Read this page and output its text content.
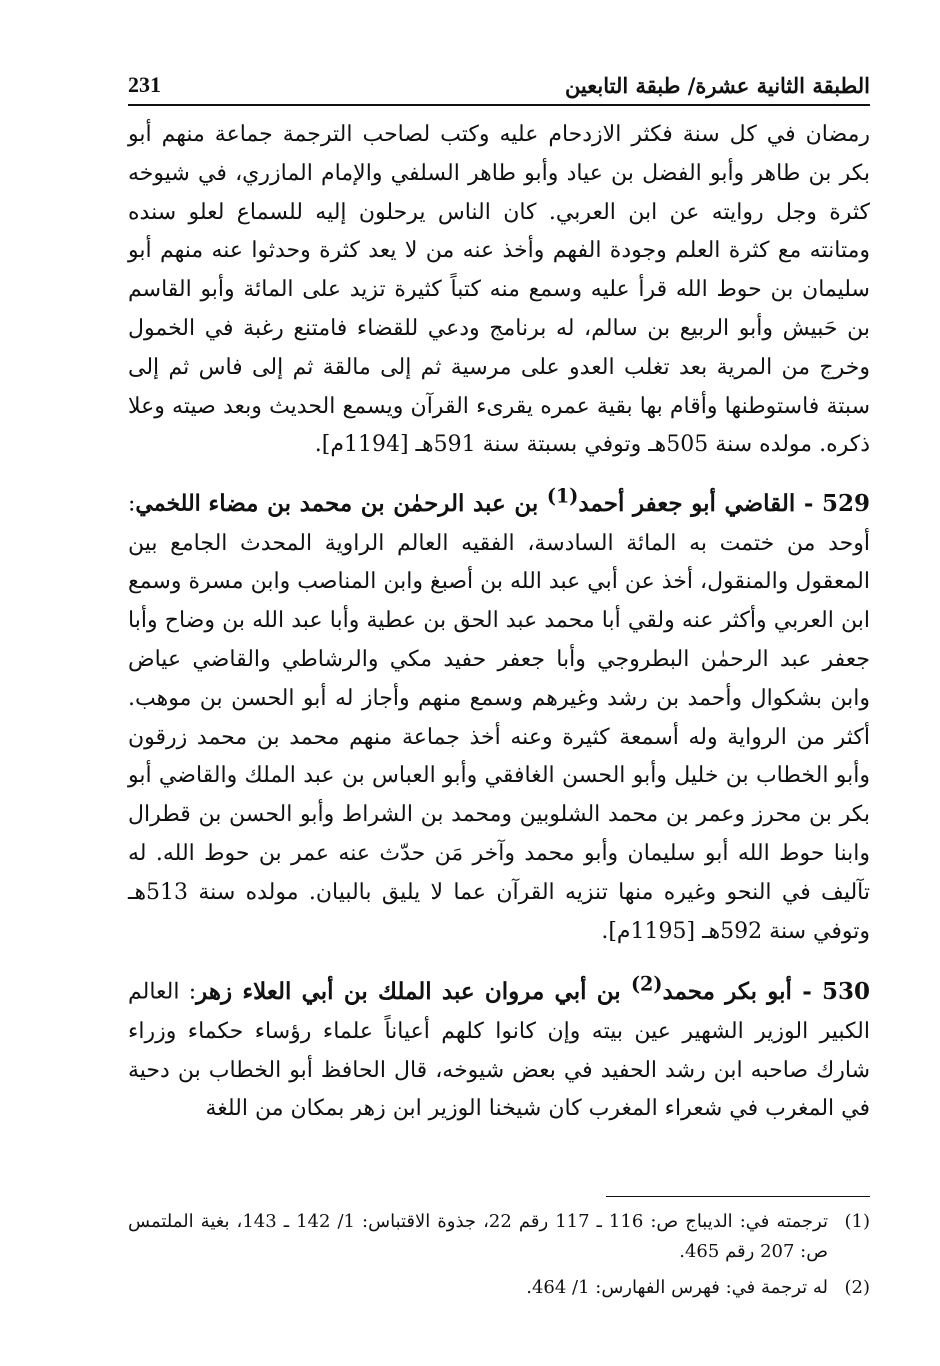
231	الطبقة الثانية عشرة/ طبقة التابعين

رمضان في كل سنة فكثر الازدحام عليه وكتب لصاحب الترجمة جماعة منهم أبو بكر بن طاهر وأبو الفضل بن عياد وأبو طاهر السلفي والإمام المازري، في شيوخه كثرة وجل روايته عن ابن العربي. كان الناس يرحلون إليه للسماع لعلو سنده ومتانته مع كثرة العلم وجودة الفهم وأخذ عنه من لا يعد كثرة وحدثوا عنه منهم أبو سليمان بن حوط الله قرأ عليه وسمع منه كتباً كثيرة تزيد على المائة وأبو القاسم بن حَبيش وأبو الربيع بن سالم، له برنامج ودعي للقضاء فامتنع رغبة في الخمول وخرج من المرية بعد تغلب العدو على مرسية ثم إلى مالقة ثم إلى فاس ثم إلى سبتة فاستوطنها وأقام بها بقية عمره يقرىء القرآن ويسمع الحديث وبعد صيته وعلا ذكره. مولده سنة 505هـ وتوفي بسبتة سنة 591هـ [1194م].

529 - القاضي أبو جعفر أحمد$^{(1)}$ بن عبد الرحمٰن بن محمد بن مضاء اللخمي: أوحد من ختمت به المائة السادسة، الفقيه العالم الراوية المحدث الجامع بين المعقول والمنقول، أخذ عن أبي عبد الله بن أصبغ وابن المناصب وابن مسرة وسمع ابن العربي وأكثر عنه ولقي أبا محمد عبد الحق بن عطية وأبا عبد الله بن وضاح وأبا جعفر عبد الرحمٰن البطروجي وأبا جعفر حفيد مكي والرشاطي والقاضي عياض وابن بشكوال وأحمد بن رشد وغيرهم وسمع منهم وأجاز له أبو الحسن بن موهب. أكثر من الرواية وله أسمعة كثيرة وعنه أخذ جماعة منهم محمد بن محمد زرقون وأبو الخطاب بن خليل وأبو الحسن الغافقي وأبو العباس بن عبد الملك والقاضي أبو بكر بن محرز وعمر بن محمد الشلوبين ومحمد بن الشراط وأبو الحسن بن قطرال وابنا حوط الله أبو سليمان وأبو محمد وآخر مَن حدّث عنه عمر بن حوط الله. له تآليف في النحو وغيره منها تنزيه القرآن عما لا يليق بالبيان. مولده سنة 513هـ وتوفي سنة 592هـ [1195م].

530 - أبو بكر محمد$^{(2)}$ بن أبي مروان عبد الملك بن أبي العلاء زهر: العالم الكبير الوزير الشهير عين بيته وإن كانوا كلهم أعياناً علماء رؤساء حكماء وزراء شارك صاحبه ابن رشد الحفيد في بعض شيوخه، قال الحافظ أبو الخطاب بن دحية في المغرب في شعراء المغرب كان شيخنا الوزير ابن زهر بمكان من اللغة

(1)
ترجمته في: الديباج ص: 116 ـ 117 رقم 22، جذوة الاقتباس: 1/ 142 ـ 143، بغية الملتمس ص: 207 رقم 465.
(2)
له ترجمة في: فهرس الفهارس: 1/ 464.
